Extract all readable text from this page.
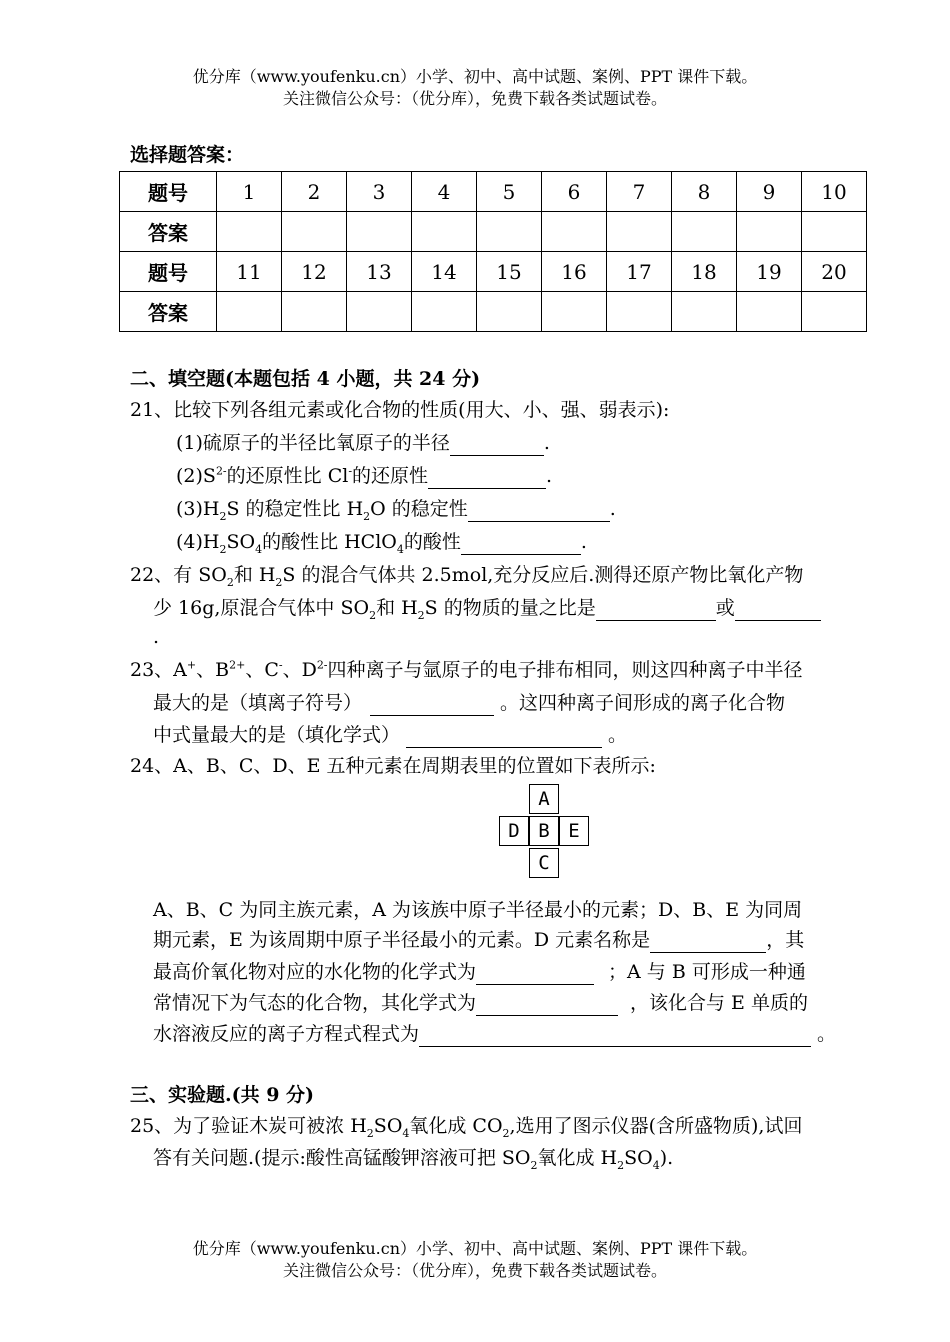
优分库（www.youfenku.cn）小学、初中、高中试题、案例、PPT 课件下载。
关注微信公众号：（优分库），免费下载各类试题试卷。
选择题答案：
题号	1	2	3	4	5	6	7	8	9	10
答案										
题号	11	12	13	14	15	16	17	18	19	20
答案										
二、填空题(本题包括 4 小题，共 24 分)
21、比较下列各组元素或化合物的性质(用大、小、强、弱表示):
(1)硫原子的半径比氧原子的半径	.
$(2)S^{2-}$的还原性比 Cl-的还原性	.
$(3)H_2S$ 的稳定性比 $H_2O$ 的稳定性	.
$(4)H_2SO_4$的酸性比 HClO$_4$的酸性	.
22、有 $SO_2$和 $H_2S$ 的混合气体共 2.5mol,充分反应后.测得还原产物比氧化产物
少 16g,原混合气体中 $SO_2$和 $H_2S$ 的物质的量之比是	或
.
23、A+、$B^{2+}$、C-、$D^{2-}$四种离子与氩原子的电子排布相同，则这四种离子中半径
最大的是（填离子符号）	。这四种离子间形成的离子化合物
中式量最大的是（填化学式）	。
24、A、B、C、D、E 五种元素在周期表里的位置如下表所示:
A
D B E
C
A、B、C 为同主族元素，A 为该族中原子半径最小的元素；D、B、E 为同周
期元素，E 为该周期中原子半径最小的元素。D 元素名称是	，其
最高价氧化物对应的水化物的化学式为	；A 与 B 可形成一种通
常情况下为气态的化合物，其化学式为	，该化合与 E 单质的
水溶液反应的离子方程式程式为	。
三、实验题.(共 9 分)
25、为了验证木炭可被浓 $H_2SO_4$氧化成 $CO_2$,选用了图示仪器(含所盛物质),试回
答有关问题.(提示:酸性高锰酸钾溶液可把 $SO_2$氧化成 $H_2SO_4$).
优分库（www.youfenku.cn）小学、初中、高中试题、案例、PPT 课件下载。
关注微信公众号：（优分库），免费下载各类试题试卷。
